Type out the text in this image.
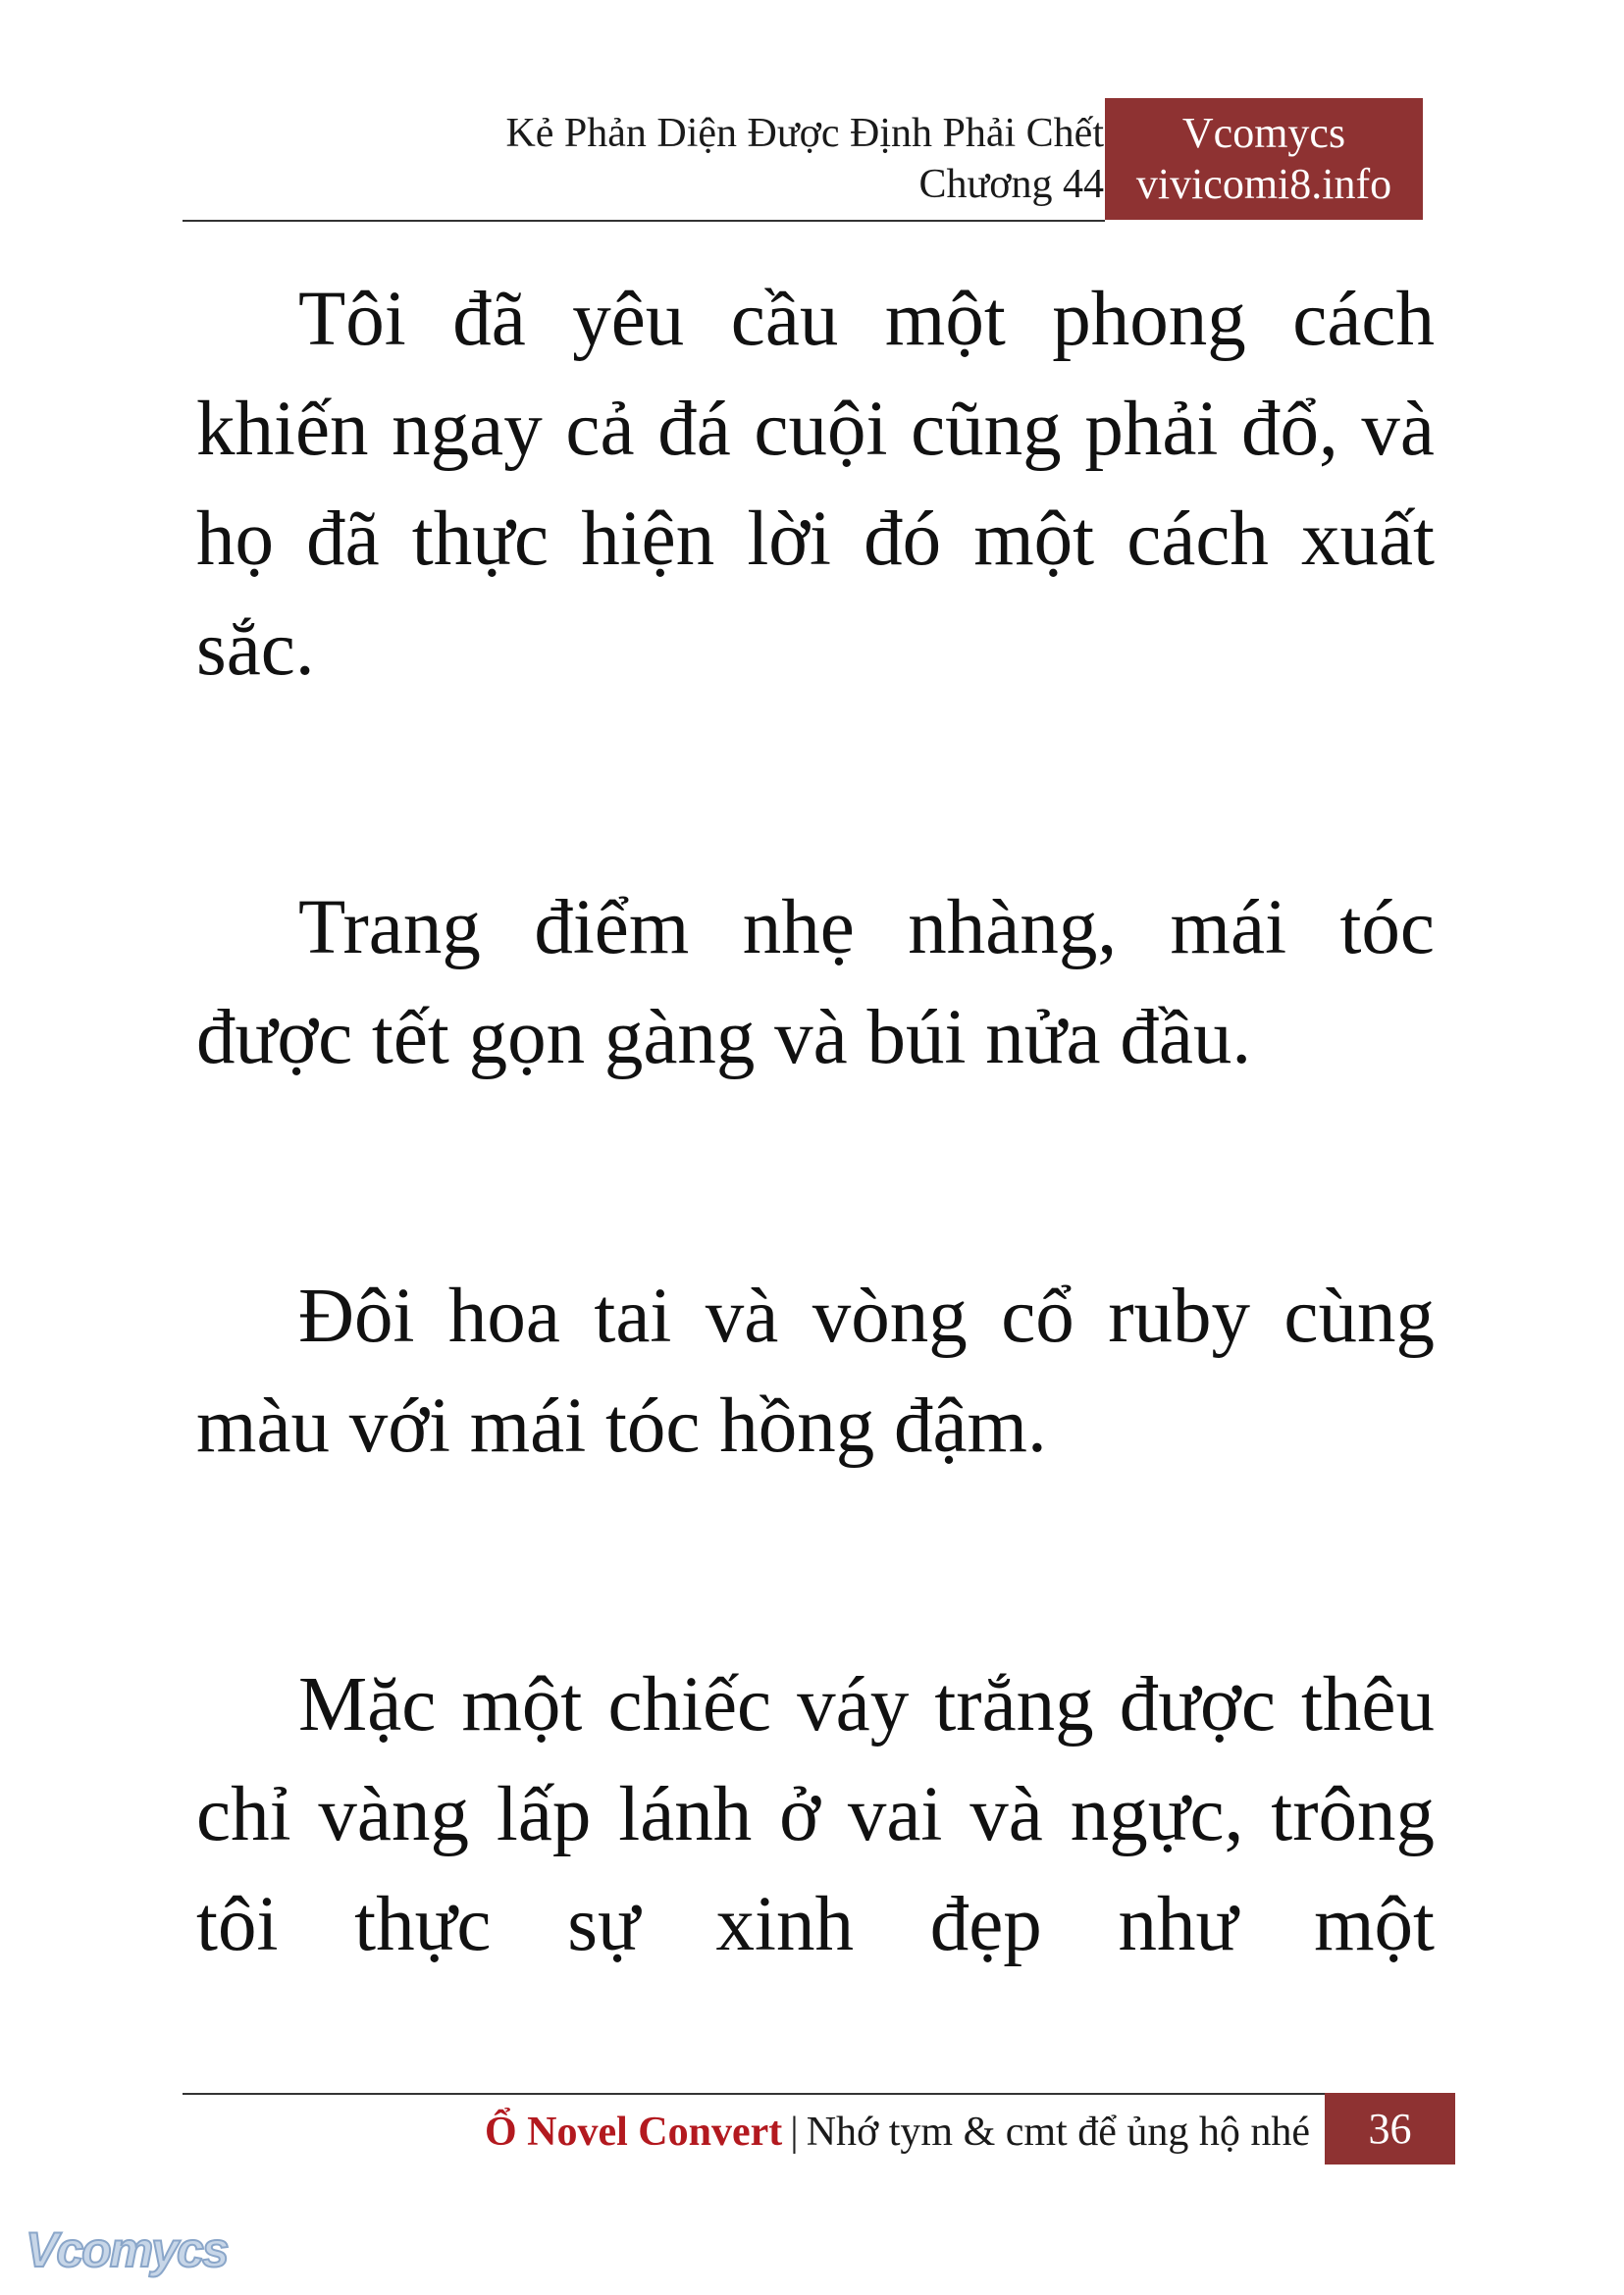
Kẻ Phản Diện Được Định Phải Chết
Chương 44
Vcomycs
vivicomi8.info

Tôi đã yêu cầu một phong cách khiến ngay cả đá cuội cũng phải đổ, và họ đã thực hiện lời đó một cách xuất sắc.

Trang điểm nhẹ nhàng, mái tóc được tết gọn gàng và búi nửa đầu.

Đôi hoa tai và vòng cổ ruby cùng màu với mái tóc hồng đậm.

Mặc một chiếc váy trắng được thêu chỉ vàng lấp lánh ở vai và ngực, trông tôi thực sự xinh đẹp như một

Ổ Novel Convert | Nhớ tym & cmt để ủng hộ nhé	36
Vcomycs
